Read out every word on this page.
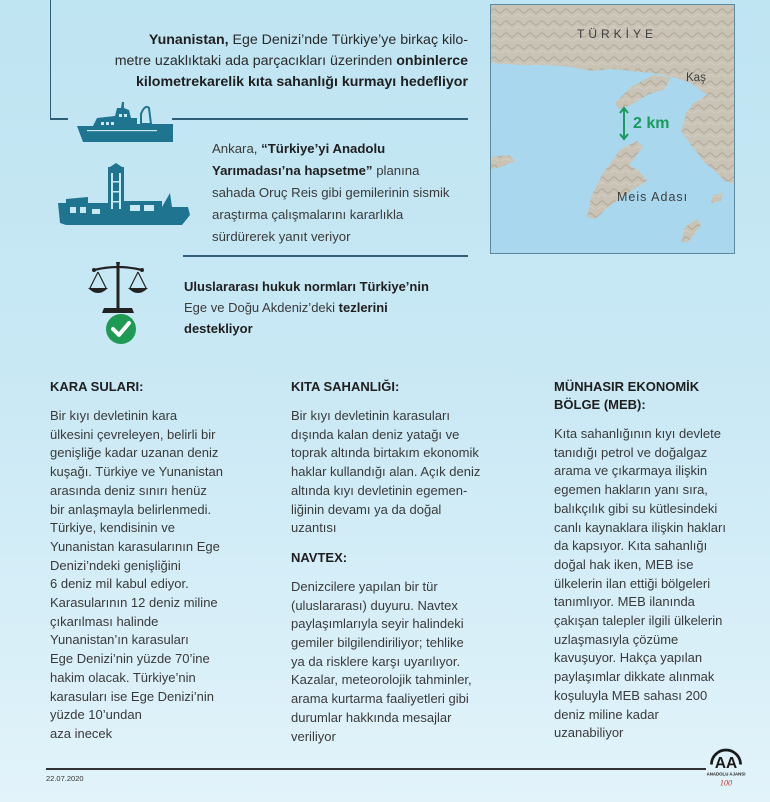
Yunanistan, Ege Denizi’nde Türkiye’ye birkaç kilo-
metre uzaklıktaki ada parçacıkları üzerinden onbinlerce
kilometrekarelik kıta sahanlığı kurmayı hedefliyor
TÜRKİYE
Kaş
Meis Adası
2 km
Ankara, “Türkiye’yi Anadolu
Yarımadası’na hapsetme” planına
sahada Oruç Reis gibi gemilerinin sismik
araştırma çalışmalarını kararlıkla
sürdürerek yanıt veriyor
Uluslararası hukuk normları Türkiye’nin
Ege ve Doğu Akdeniz’deki tezlerini
destekliyor
KARA SULARI:

Bir kıyı devletinin kara
ülkesini çevreleyen, belirli bir
genişliğe kadar uzanan deniz
kuşağı. Türkiye ve Yunanistan
arasında deniz sınırı henüz
bir anlaşmayla belirlenmedi.
Türkiye, kendisinin ve
Yunanistan karasularının Ege
Denizi’ndeki genişliğini
6 deniz mil kabul ediyor.
Karasularının 12 deniz miline
çıkarılması halinde
Yunanistan’ın karasuları
Ege Denizi’nin yüzde 70’ine
hakim olacak. Türkiye’nin
karasuları ise Ege Denizi’nin
yüzde 10’undan
aza inecek

KITA SAHANLIĞI:

Bir kıyı devletinin karasuları
dışında kalan deniz yatağı ve
toprak altında birtakım ekonomik
haklar kullandığı alan. Açık deniz
altında kıyı devletinin egemen-
liğinin devamı ya da doğal
uzantısı

NAVTEX:

Denizcilere yapılan bir tür
(uluslararası) duyuru. Navtex
paylaşımlarıyla seyir halindeki
gemiler bilgilendiriliyor; tehlike
ya da risklere karşı uyarılıyor.
Kazalar, meteorolojik tahminler,
arama kurtarma faaliyetleri gibi
durumlar hakkında mesajlar
veriliyor

MÜNHASIR EKONOMİK
BÖLGE (MEB):

Kıta sahanlığının kıyı devlete
tanıdığı petrol ve doğalgaz
arama ve çıkarmaya ilişkin
egemen hakların yanı sıra,
balıkçılık gibi su kütlesindeki
canlı kaynaklara ilişkin hakları
da kapsıyor. Kıta sahanlığı
doğal hak iken, MEB ise
ülkelerin ilan ettiği bölgeleri
tanımlıyor. MEB ilanında
çakışan talepler ilgili ülkelerin
uzlaşmasıyla çözüme
kavuşuyor. Hakça yapılan
paylaşımlar dikkate alınmak
koşuluyla MEB sahası 200
deniz miline kadar
uzanabiliyor

22.07.2020
AA
ANADOLU AJANSI
100
